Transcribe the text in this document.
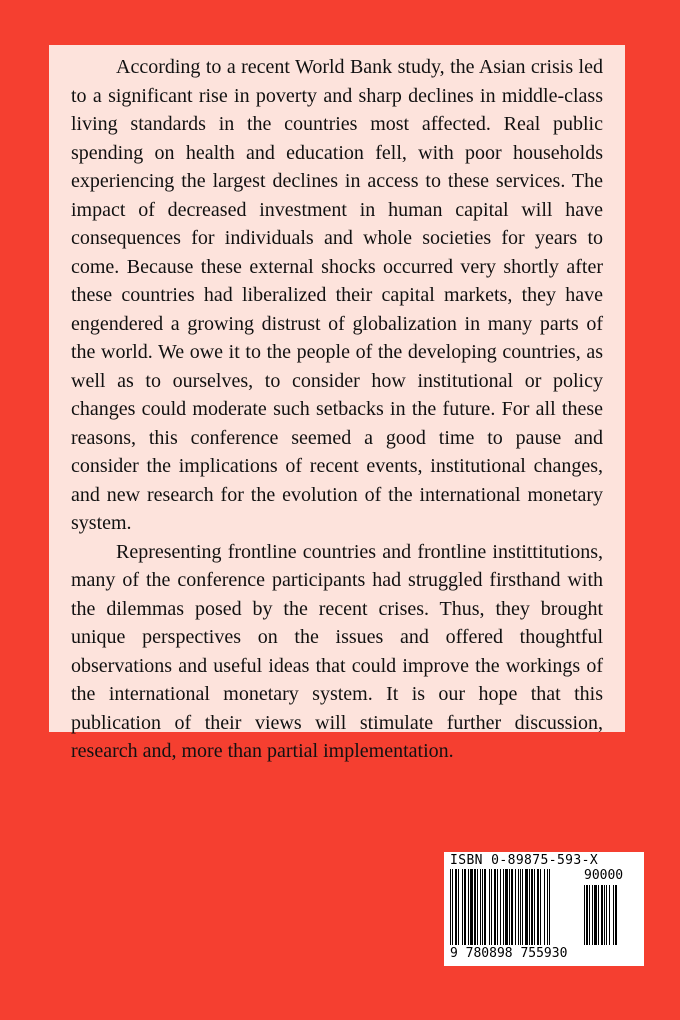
According to a recent World Bank study, the Asian crisis led to a significant rise in poverty and sharp declines in middle-class living standards in the countries most affected. Real public spending on health and education fell, with poor households experiencing the largest declines in access to these services. The impact of decreased investment in human capital will have consequences for individuals and whole societies for years to come. Because these external shocks occurred very shortly after these countries had liberalized their capital markets, they have engendered a growing distrust of globalization in many parts of the world. We owe it to the people of the developing countries, as well as to ourselves, to consider how institutional or policy changes could moderate such setbacks in the future. For all these reasons, this conference seemed a good time to pause and consider the implications of recent events, institutional changes, and new research for the evolution of the international monetary system.

Representing frontline countries and frontline instittitutions, many of the conference participants had struggled firsthand with the dilemmas posed by the recent crises. Thus, they brought unique perspectives on the issues and offered thoughtful observations and useful ideas that could improve the workings of the international monetary system. It is our hope that this publication of their views will stimulate further discussion, research and, more than partial implementation.

ISBN 0-89875-593-X
90000
9 780898 755930
